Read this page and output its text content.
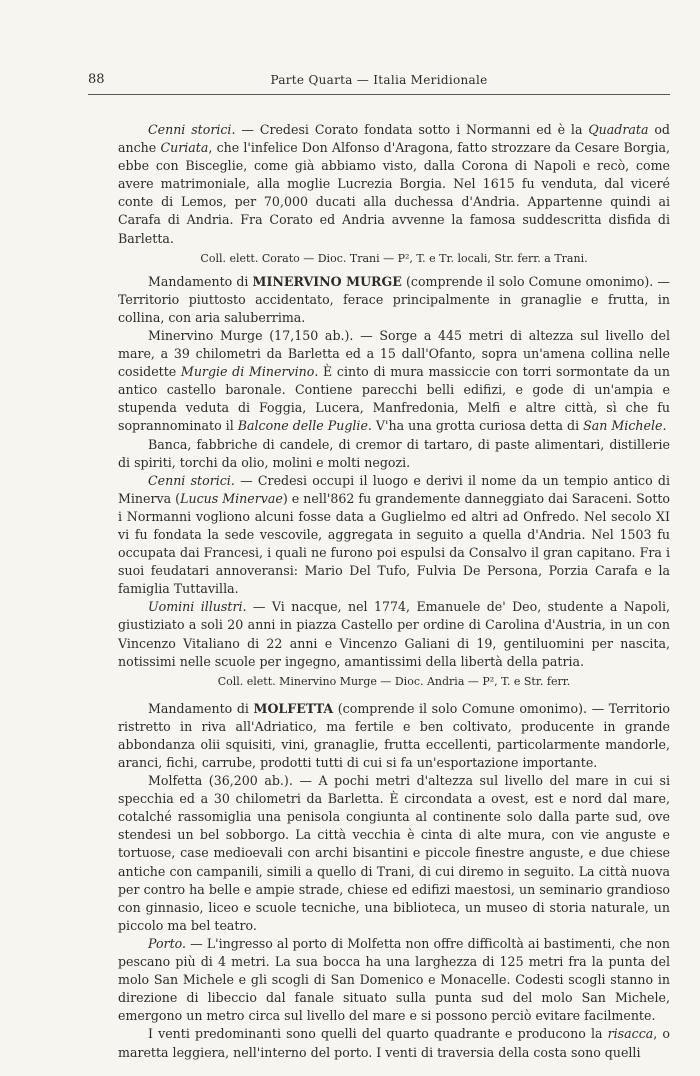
88	Parte Quarta — Italia Meridionale

Cenni storici. — Credesi Corato fondata sotto i Normanni ed è la Quadrata od anche Curiata, che l'infelice Don Alfonso d'Aragona, fatto strozzare da Cesare Borgia, ebbe con Bisceglie, come già abbiamo visto, dalla Corona di Napoli e recò, come avere matrimoniale, alla moglie Lucrezia Borgia. Nel 1615 fu venduta, dal viceré conte di Lemos, per 70,000 ducati alla duchessa d'Andria. Appartenne quindi ai Carafa di Andria. Fra Corato ed Andria avvenne la famosa suddescritta disfida di Barletta.

Coll. elett. Corato — Dioc. Trani — P², T. e Tr. locali, Str. ferr. a Trani.

Mandamento di MINERVINO MURGE (comprende il solo Comune omonimo). — Territorio piuttosto accidentato, ferace principalmente in granaglie e frutta, in collina, con aria saluberrima.

Minervino Murge (17,150 ab.). — Sorge a 445 metri di altezza sul livello del mare, a 39 chilometri da Barletta ed a 15 dall'Ofanto, sopra un'amena collina nelle cosidette Murgie di Minervino. È cinto di mura massiccie con torri sormontate da un antico castello baronale. Contiene parecchi belli edifizi, e gode di un'ampia e stupenda veduta di Foggia, Lucera, Manfredonia, Melfi e altre città, sì che fu soprannominato il Balcone delle Puglie. V'ha una grotta curiosa detta di San Michele.

Banca, fabbriche di candele, di cremor di tartaro, di paste alimentari, distillerie di spiriti, torchi da olio, molini e molti negozi.

Cenni storici. — Credesi occupi il luogo e derivi il nome da un tempio antico di Minerva (Lucus Minervae) e nell'862 fu grandemente danneggiato dai Saraceni. Sotto i Normanni vogliono alcuni fosse data a Guglielmo ed altri ad Onfredo. Nel secolo XI vi fu fondata la sede vescovile, aggregata in seguito a quella d'Andria. Nel 1503 fu occupata dai Francesi, i quali ne furono poi espulsi da Consalvo il gran capitano. Fra i suoi feudatari annoveransi: Mario Del Tufo, Fulvia De Persona, Porzia Carafa e la famiglia Tuttavilla.

Uomini illustri. — Vi nacque, nel 1774, Emanuele de' Deo, studente a Napoli, giustiziato a soli 20 anni in piazza Castello per ordine di Carolina d'Austria, in un con Vincenzo Vitaliano di 22 anni e Vincenzo Galiani di 19, gentiluomini per nascita, notissimi nelle scuole per ingegno, amantissimi della libertà della patria.

Coll. elett. Minervino Murge — Dioc. Andria — P², T. e Str. ferr.

Mandamento di MOLFETTA (comprende il solo Comune omonimo). — Territorio ristretto in riva all'Adriatico, ma fertile e ben coltivato, producente in grande abbondanza olii squisiti, vini, granaglie, frutta eccellenti, particolarmente mandorle, aranci, fichi, carrube, prodotti tutti di cui si fa un'esportazione importante.

Molfetta (36,200 ab.). — A pochi metri d'altezza sul livello del mare in cui si specchia ed a 30 chilometri da Barletta. È circondata a ovest, est e nord dal mare, cotalché rassomiglia una penisola congiunta al continente solo dalla parte sud, ove stendesi un bel sobborgo. La città vecchia è cinta di alte mura, con vie anguste e tortuose, case medioevali con archi bisantini e piccole finestre anguste, e due chiese antiche con campanili, simili a quello di Trani, di cui diremo in seguito. La città nuova per contro ha belle e ampie strade, chiese ed edifizi maestosi, un seminario grandioso con ginnasio, liceo e scuole tecniche, una biblioteca, un museo di storia naturale, un piccolo ma bel teatro.

Porto. — L'ingresso al porto di Molfetta non offre difficoltà ai bastimenti, che non pescano più di 4 metri. La sua bocca ha una larghezza di 125 metri fra la punta del molo San Michele e gli scogli di San Domenico e Monacelle. Codesti scogli stanno in direzione di libeccio dal fanale situato sulla punta sud del molo San Michele, emergono un metro circa sul livello del mare e si possono perciò evitare facilmente.

I venti predominanti sono quelli del quarto quadrante e producono la risacca, o maretta leggiera, nell'interno del porto. I venti di traversia della costa sono quelli
